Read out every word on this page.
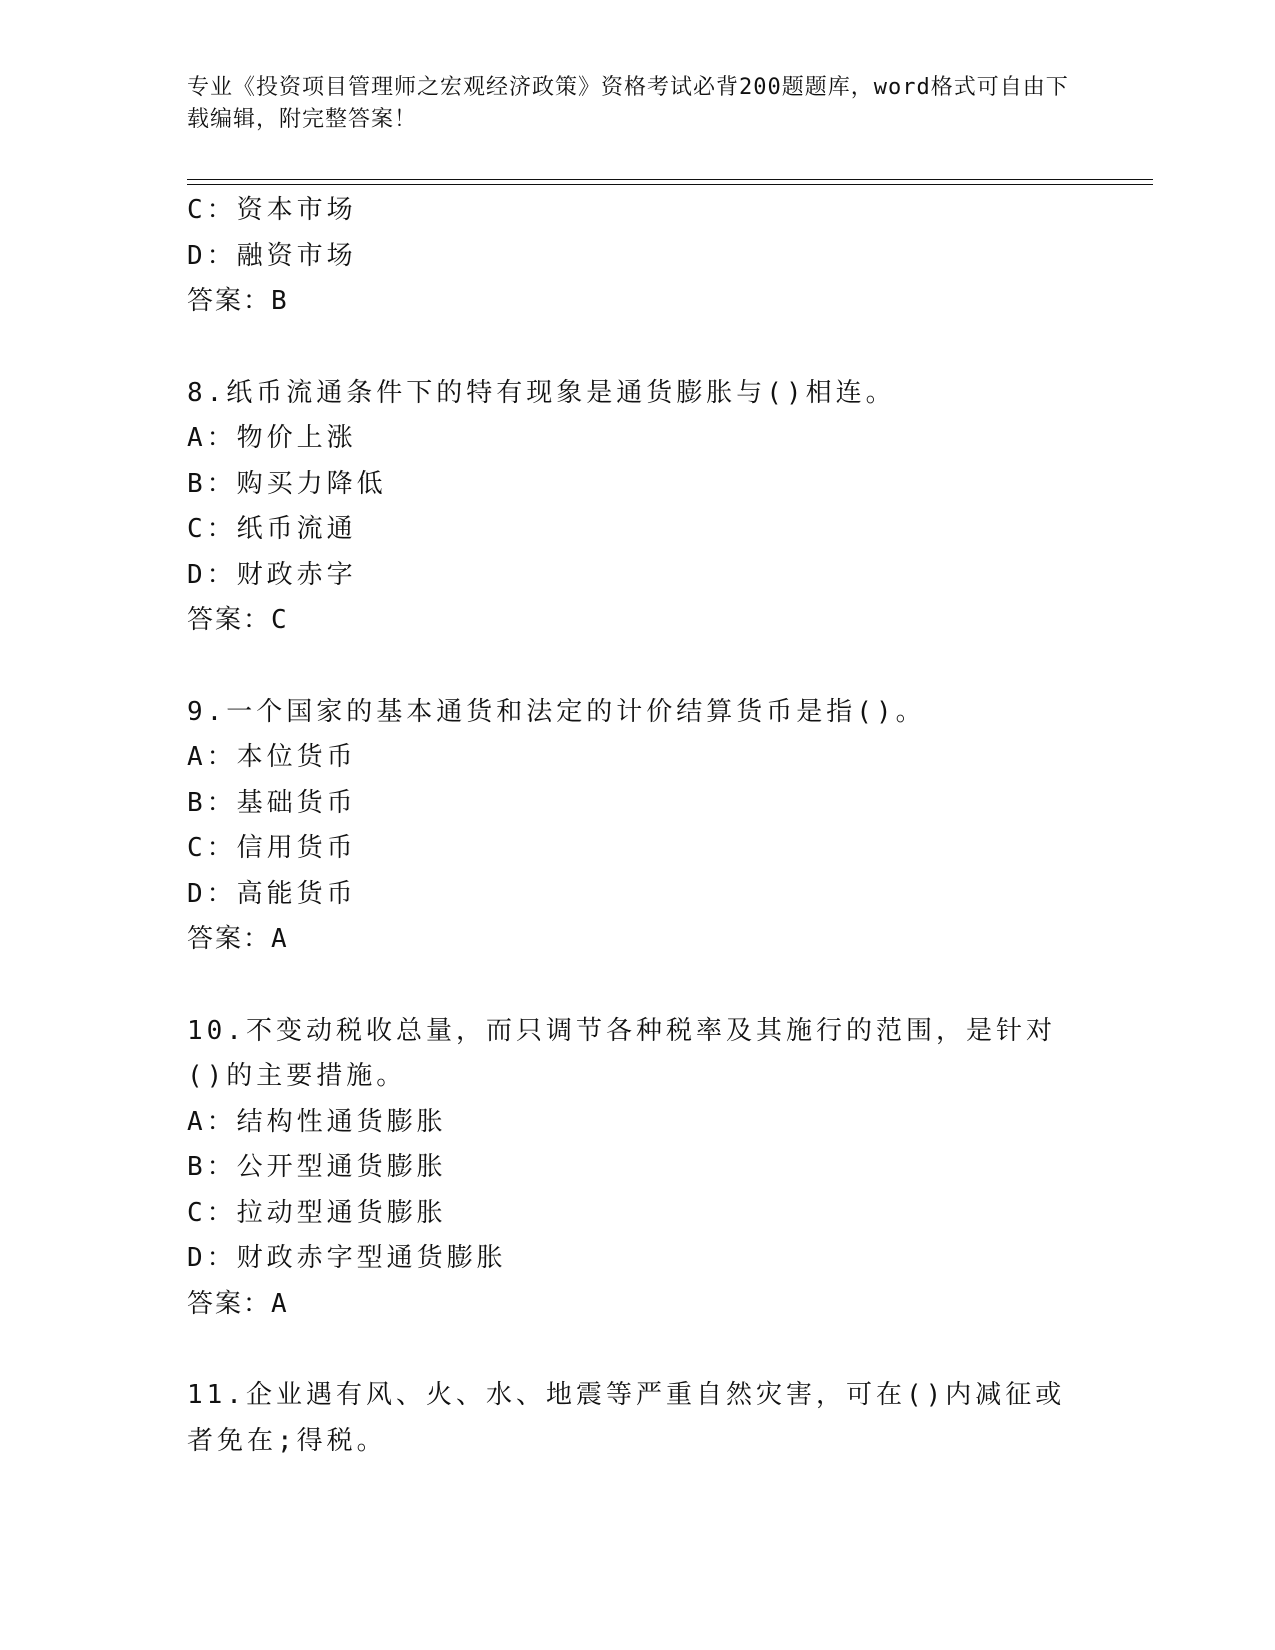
专业《投资项目管理师之宏观经济政策》资格考试必背200题题库，word格式可自由下载编辑，附完整答案！
C：资本市场
D：融资市场
答案：B
8.纸币流通条件下的特有现象是通货膨胀与()相连。
A：物价上涨
B：购买力降低
C：纸币流通
D：财政赤字
答案：C
9.一个国家的基本通货和法定的计价结算货币是指()。
A：本位货币
B：基础货币
C：信用货币
D：高能货币
答案：A
10.不变动税收总量，而只调节各种税率及其施行的范围，是针对()的主要措施。
A：结构性通货膨胀
B：公开型通货膨胀
C：拉动型通货膨胀
D：财政赤字型通货膨胀
答案：A
11.企业遇有风、火、水、地震等严重自然灾害，可在()内减征或者免在;得税。
